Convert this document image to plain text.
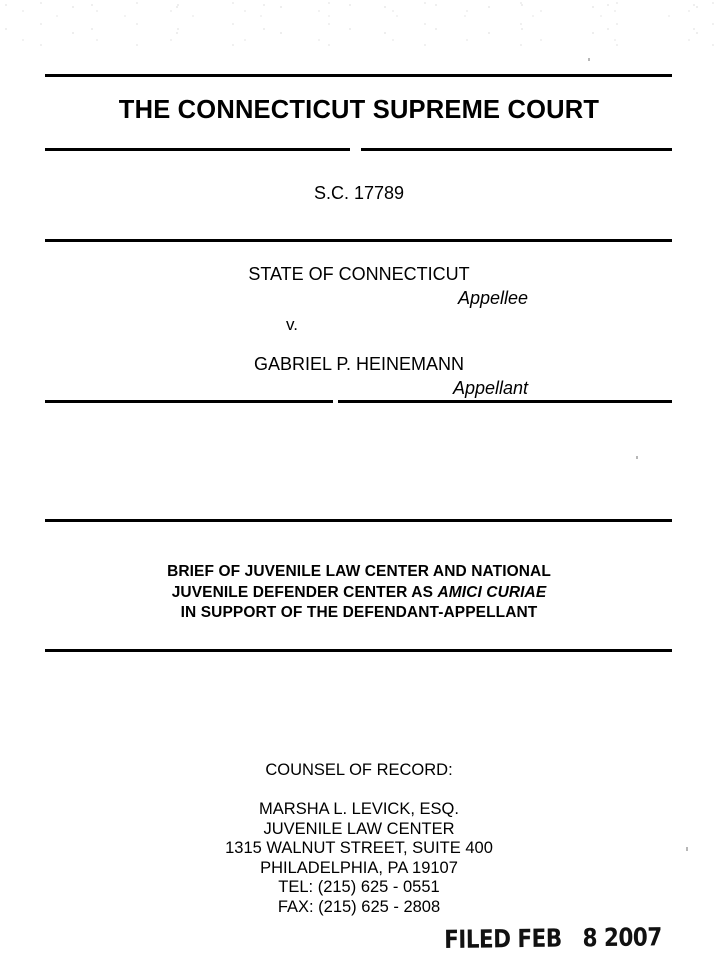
THE CONNECTICUT SUPREME COURT
S.C. 17789
STATE OF CONNECTICUT
Appellee
v.
GABRIEL P. HEINEMANN
Appellant
BRIEF OF JUVENILE LAW CENTER AND NATIONAL
JUVENILE DEFENDER CENTER AS AMICI CURIAE
IN SUPPORT OF THE DEFENDANT-APPELLANT
COUNSEL OF RECORD:
MARSHA L. LEVICK, ESQ.
JUVENILE LAW CENTER
1315 WALNUT STREET, SUITE 400
PHILADELPHIA, PA 19107
TEL: (215) 625 - 0551
FAX: (215) 625 - 2808
FILED FEB   8 2007
